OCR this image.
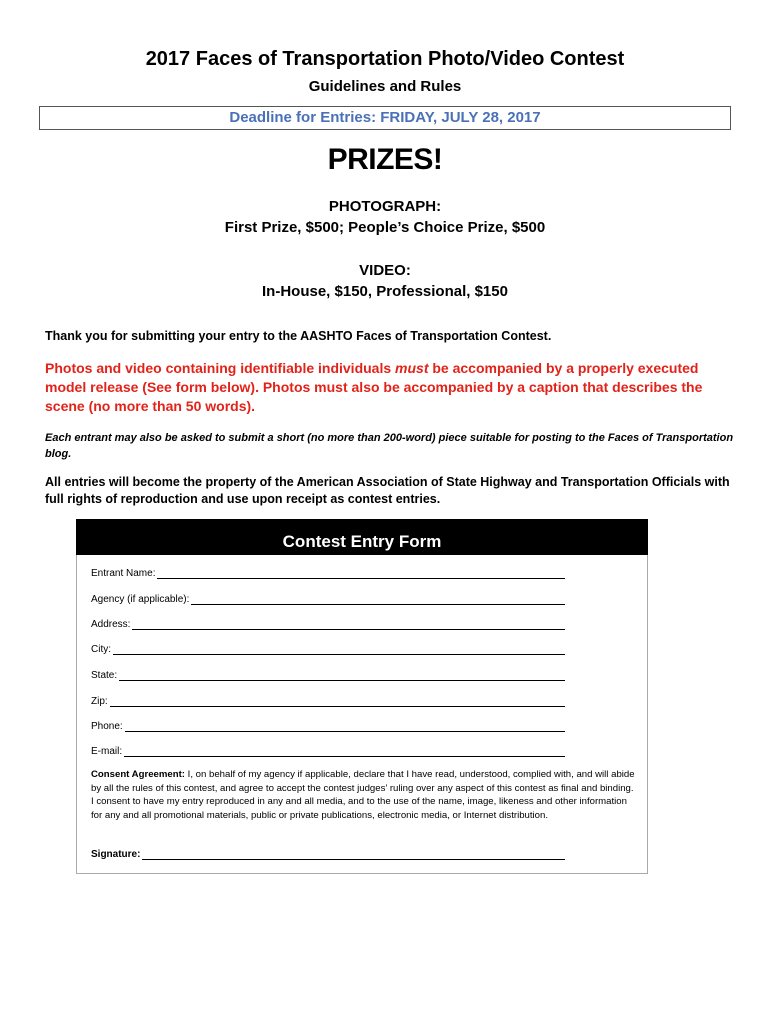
2017 Faces of Transportation Photo/Video Contest
Guidelines and Rules
Deadline for Entries: FRIDAY, JULY 28, 2017
PRIZES!
PHOTOGRAPH:
First Prize, $500; People’s Choice Prize, $500
VIDEO:
In-House, $150, Professional, $150
Thank you for submitting your entry to the AASHTO Faces of Transportation Contest.
Photos and video containing identifiable individuals must be accompanied by a properly executed model release (See form below). Photos must also be accompanied by a caption that describes the scene (no more than 50 words).
Each entrant may also be asked to submit a short (no more than 200-word) piece suitable for posting to the Faces of Transportation blog.
All entries will become the property of the American Association of State Highway and Transportation Officials with full rights of reproduction and use upon receipt as contest entries.
Contest Entry Form
Entrant Name:
Agency (if applicable):
Address:
City:
State:
Zip:
Phone:
E-mail:
Consent Agreement: I, on behalf of my agency if applicable, declare that I have read, understood, complied with, and will abide by all the rules of this contest, and agree to accept the contest judges’ ruling over any aspect of this contest as final and binding. I consent to have my entry reproduced in any and all media, and to the use of the name, image, likeness and other information for any and all promotional materials, public or private publications, electronic media, or Internet distribution.
Signature:
